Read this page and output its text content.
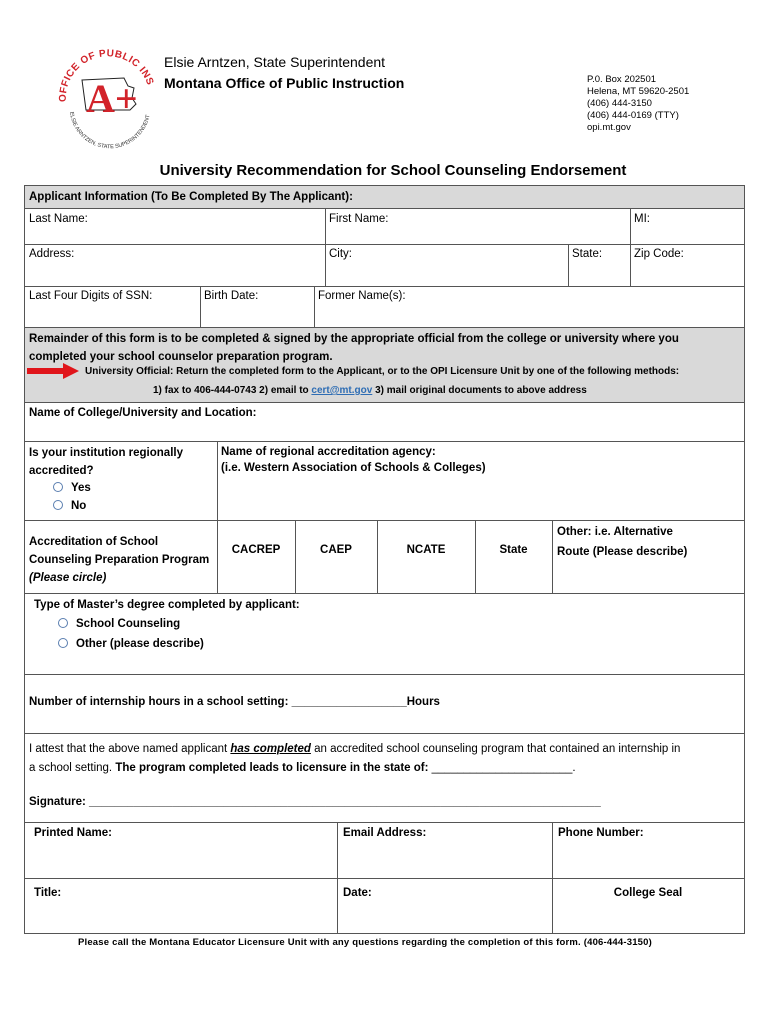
OFFICE OF PUBLIC INS
ELSIE ARNTZEN, STATE SUPERINTENDENT
A+
Elsie Arntzen, State Superintendent
Montana Office of Public Instruction	P.0. Box 202501
Helena, MT 59620-2501
(406) 444-3150
(406) 444-0169 (TTY)
opi.mt.gov
University Recommendation for School Counseling Endorsement
Applicant Information (To Be Completed By The Applicant):
Last Name:	First Name:	MI:
Address:	City:	State:	Zip Code:
Last Four Digits of SSN:	Birth Date:	Former Name(s):
Remainder of this form is to be completed & signed by the appropriate official from the college or university where you completed your school counselor preparation program.
University Official: Return the completed form to the Applicant, or to the OPI Licensure Unit by one of the following methods:
1) fax to 406-444-0743 2) email to cert@mt.gov 3) mail original documents to above address
Name of College/University and Location:
Is your institution regionally accredited?
Yes
No
Name of regional accreditation agency:
(i.e. Western Association of Schools & Colleges)
Accreditation of School Counseling Preparation Program
(Please circle)
CACREP	CAEP	NCATE	State
Other: i.e. Alternative Route (Please describe)
Type of Master’s degree completed by applicant:
School Counseling
Other (please describe)
Number of internship hours in a school setting: __________________Hours
I attest that the above named applicant has completed an accredited school counseling program that contained an internship in a school setting. The program completed leads to licensure in the state of: ______________________.
Signature: ________________________________________________________________________________
Printed Name:	Email Address:	Phone Number:
Title:	Date:	College Seal
Please call the Montana Educator Licensure Unit with any questions regarding the completion of this form. (406-444-3150)
